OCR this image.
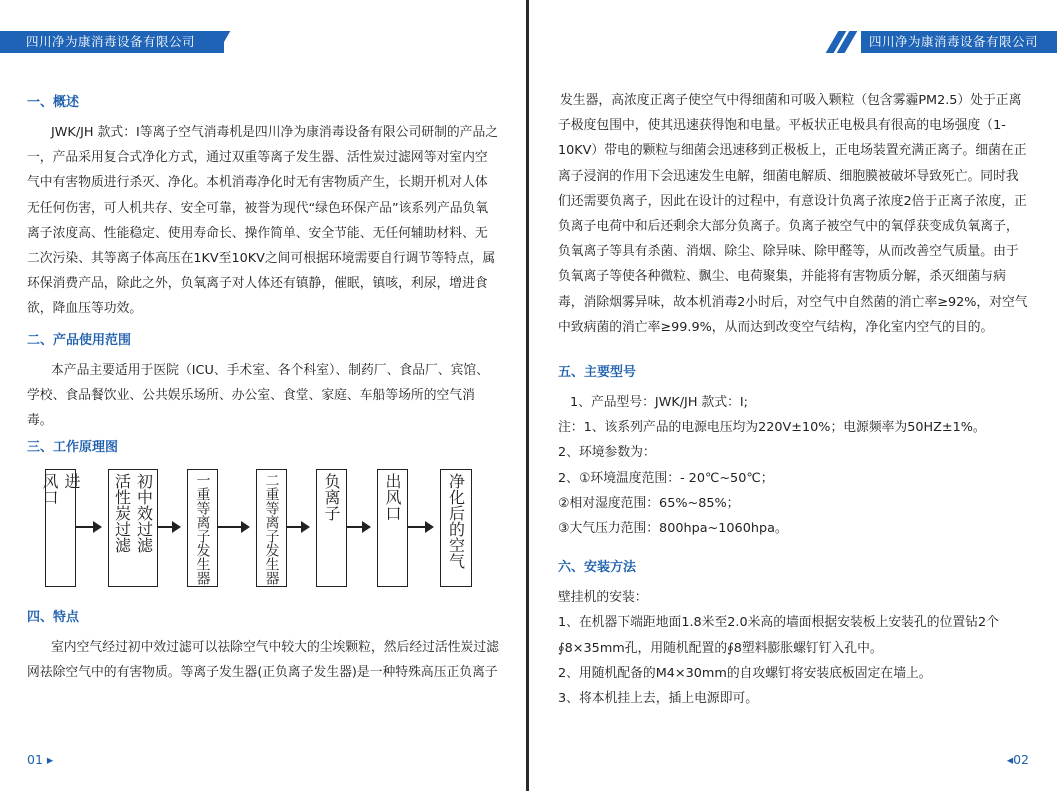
四川净为康消毒设备有限公司
一、概述
JWK/JH 款式：I等离子空气消毒机是四川净为康消毒设备有限公司研制的产品之一，产品采用复合式净化方式，通过双重等离子发生器、活性炭过滤网等对室内空气中有害物质进行杀灭、净化。本机消毒净化时无有害物质产生，长期开机对人体无任何伤害，可人机共存、安全可靠，被誉为现代“绿色环保产品”该系列产品负氧离子浓度高、性能稳定、使用寿命长、操作简单、安全节能、无任何辅助材料、无二次污染、其等离子体高压在1KV至10KV之间可根据环境需要自行调节等特点，属环保消费产品，除此之外，负氧离子对人体还有镇静，催眠，镇咳，利尿，增进食欲，降血压等功效。
二、产品使用范围
本产品主要适用于医院（ICU、手术室、各个科室）、制药厂、食品厂、宾馆、学校、食品餐饮业、公共娱乐场所、办公室、食堂、家庭、车船等场所的空气消毒。
三、工作原理图
进
风口	初中效过滤
活性炭过滤	一重等离子发生器	二重等离子发生器	负离子	出风口	净化后的空气
四、特点
室内空气经过初中效过滤可以祛除空气中较大的尘埃颗粒，然后经过活性炭过滤网祛除空气中的有害物质。等离子发生器(正负离子发生器)是一种特殊高压正负离子
01 ▸
四川净为康消毒设备有限公司
发生器，高浓度正离子使空气中得细菌和可吸入颗粒（包含雾霾PM2.5）处于正离子极度包围中，使其迅速获得饱和电量。平板状正电极具有很高的电场强度（1-10KV）带电的颗粒与细菌会迅速移到正极板上，正电场装置充满正离子。细菌在正离子浸润的作用下会迅速发生电解，细菌电解质、细胞膜被破坏导致死亡。同时我们还需要负离子，因此在设计的过程中，有意设计负离子浓度2倍于正离子浓度，正负离子电荷中和后还剩余大部分负离子。负离子被空气中的氧俘获变成负氧离子，负氧离子等具有杀菌、消烟、除尘、除异味、除甲醛等，从而改善空气质量。由于负氧离子等使各种微粒、飘尘、电荷聚集，并能将有害物质分解，杀灭细菌与病毒，消除烟雾异味，故本机消毒2小时后，对空气中自然菌的消亡率≥92%，对空气中致病菌的消亡率≥99.9%，从而达到改变空气结构，净化室内空气的目的。
五、主要型号
1、产品型号：JWK/JH 款式：I;
注：1、该系列产品的电源电压均为220V±10%；电源频率为50HZ±1%。
2、环境参数为：
2、①环境温度范围：- 20℃~50℃；
②相对湿度范围：65%~85%；
③大气压力范围：800hpa~1060hpa。
六、安装方法
壁挂机的安装：
1、在机器下端距地面1.8米至2.0米高的墙面根据安装板上安装孔的位置钻2个∮8×35mm孔，用随机配置的∮8塑料膨胀螺钉钉入孔中。
2、用随机配备的M4×30mm的自攻螺钉将安装底板固定在墙上。
3、将本机挂上去，插上电源即可。
◂02
